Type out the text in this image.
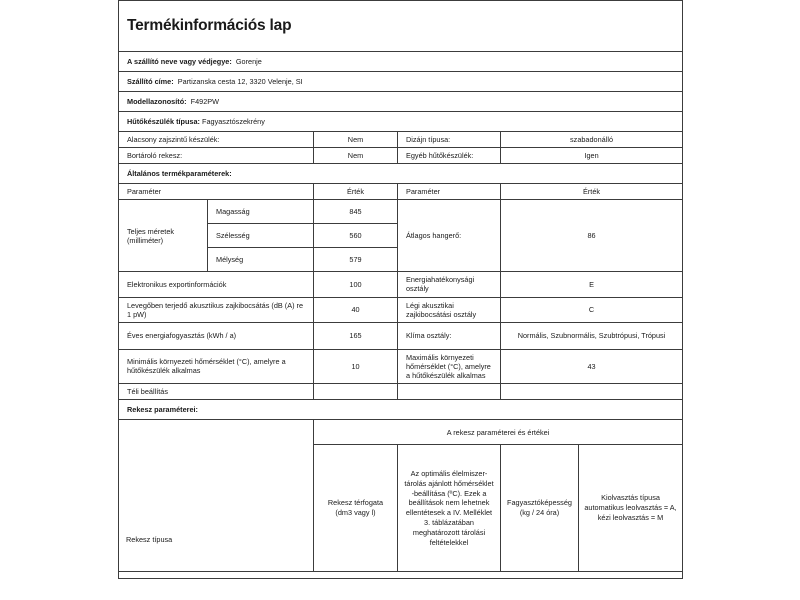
Termékinformációs lap					
A szállító neve vagy védjegye: Gorenje					
Szállító címe: Partizanska cesta 12, 3320 Velenje, SI					
Modellazonosító: F492PW					
Hűtőkészülék típusa: Fagyasztószekrény					
Alacsony zajszintű készülék:		Nem	Dizájn típusa:	szabadonálló	
Bortároló rekesz:		Nem	Egyéb hűtőkészülék:	Igen	
Általános termékparaméterek:					
Paraméter		Érték	Paraméter	Érték	
Teljes méretek (milliméter)	Magasság	845	Átlagos hangerő:	86	
	Szélesség	560			
	Mélység	579			
Elektronikus exportinformációk		100	Energiahatékonysági osztály	E	
Levegőben terjedő akusztikus zajkibocsátás (dB (A) re 1 pW)		40	Légi akusztikai zajkibocsátási osztály	C	
Éves energiafogyasztás (kWh / a)		165	Klíma osztály:	Normális, Szubnormális, Szubtrópusi, Trópusi	
Minimális környezeti hőmérséklet (°C), amelyre a hűtőkészülék alkalmas		10	Maximális környezeti hőmérséklet (°C), amelyre a hűtőkészülék alkalmas	43	
Téli beállítás					
Rekesz paraméterei:					
		A rekesz paraméterei és értékei			
		Rekesz térfogata (dm3 vagy l)	Az optimális élelmiszer-tárolás ajánlott hőmérséklet -beállítása (ºC). Ezek a beállítások nem lehetnek ellentétesek a IV. Melléklet 3. táblázatában meghatározott tárolási feltételekkel	Fagyasztóképesség (kg / 24 óra)	Kiolvasztás típusa automatikus leolvasztás = A, kézi leolvasztás = M

Rekesz típusa
